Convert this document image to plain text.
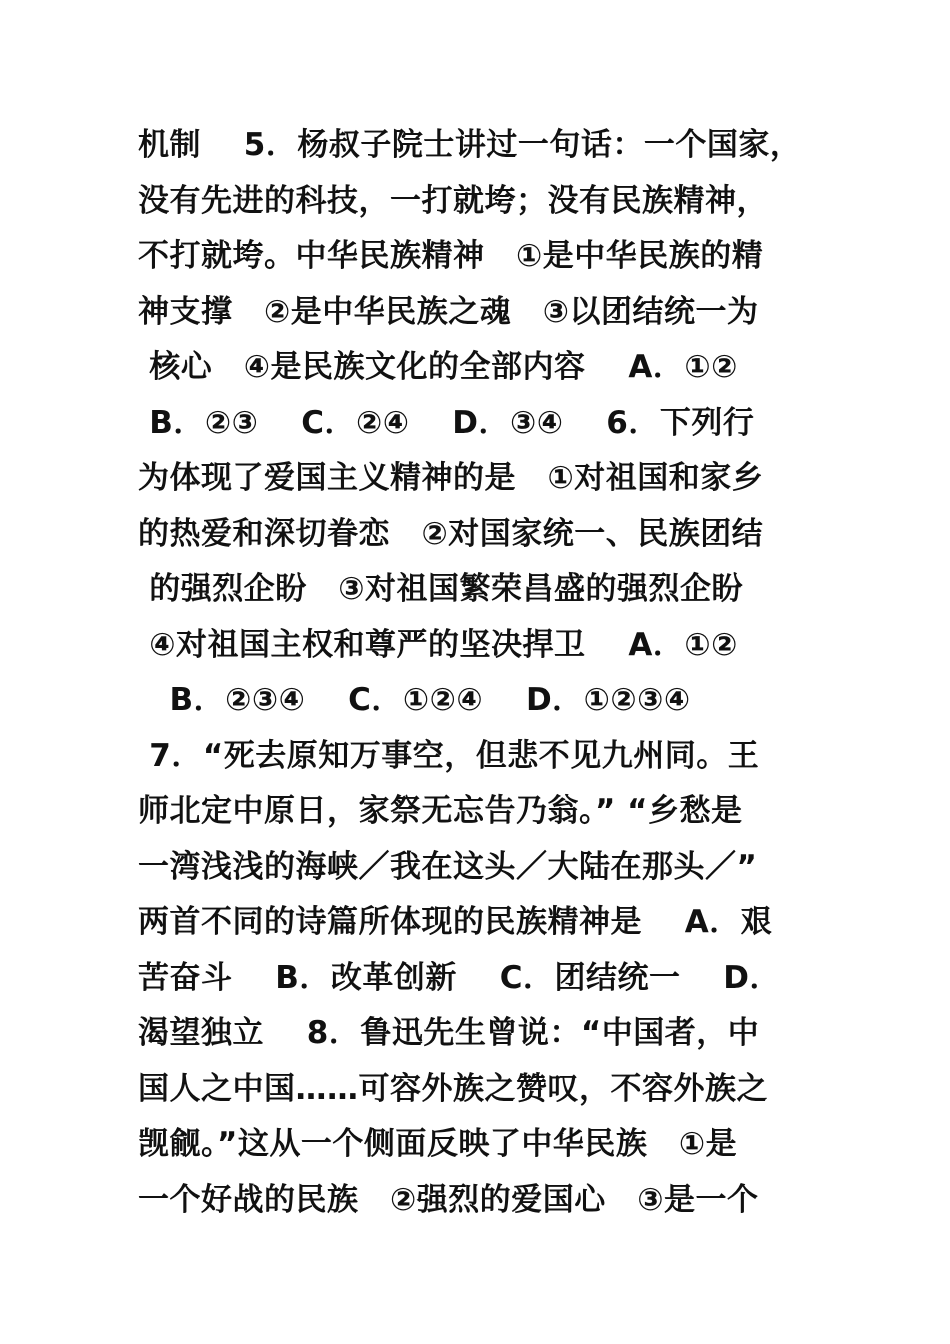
机制　 5．杨叔子院士讲过一句话：一个国家，
没有先进的科技，一打就垮；没有民族精神，
不打就垮。中华民族精神　①是中华民族的精
神支撑　②是中华民族之魂　③以团结统一为
核心　④是民族文化的全部内容　 A．①②
B．②③　 C．②④　 D．③④　 6．下列行
为体现了爱国主义精神的是　①对祖国和家乡
的热爱和深切眷恋　②对国家统一、民族团结
的强烈企盼　③对祖国繁荣昌盛的强烈企盼
④对祖国主权和尊严的坚决捍卫　 A．①②
　B．②③④　 C．①②④　 D．①②③④
7．“死去原知万事空，但悲不见九州同。王
师北定中原日，家祭无忘告乃翁。” “乡愁是
一湾浅浅的海峡／我在这头／大陆在那头／”
两首不同的诗篇所体现的民族精神是　 A．艰
苦奋斗　 B．改革创新　 C．团结统一　 D．
渴望独立　 8．鲁迅先生曾说：“中国者，中
国人之中国……可容外族之赞叹，不容外族之
觊觎。”这从一个侧面反映了中华民族　①是
一个好战的民族　②强烈的爱国心　③是一个
